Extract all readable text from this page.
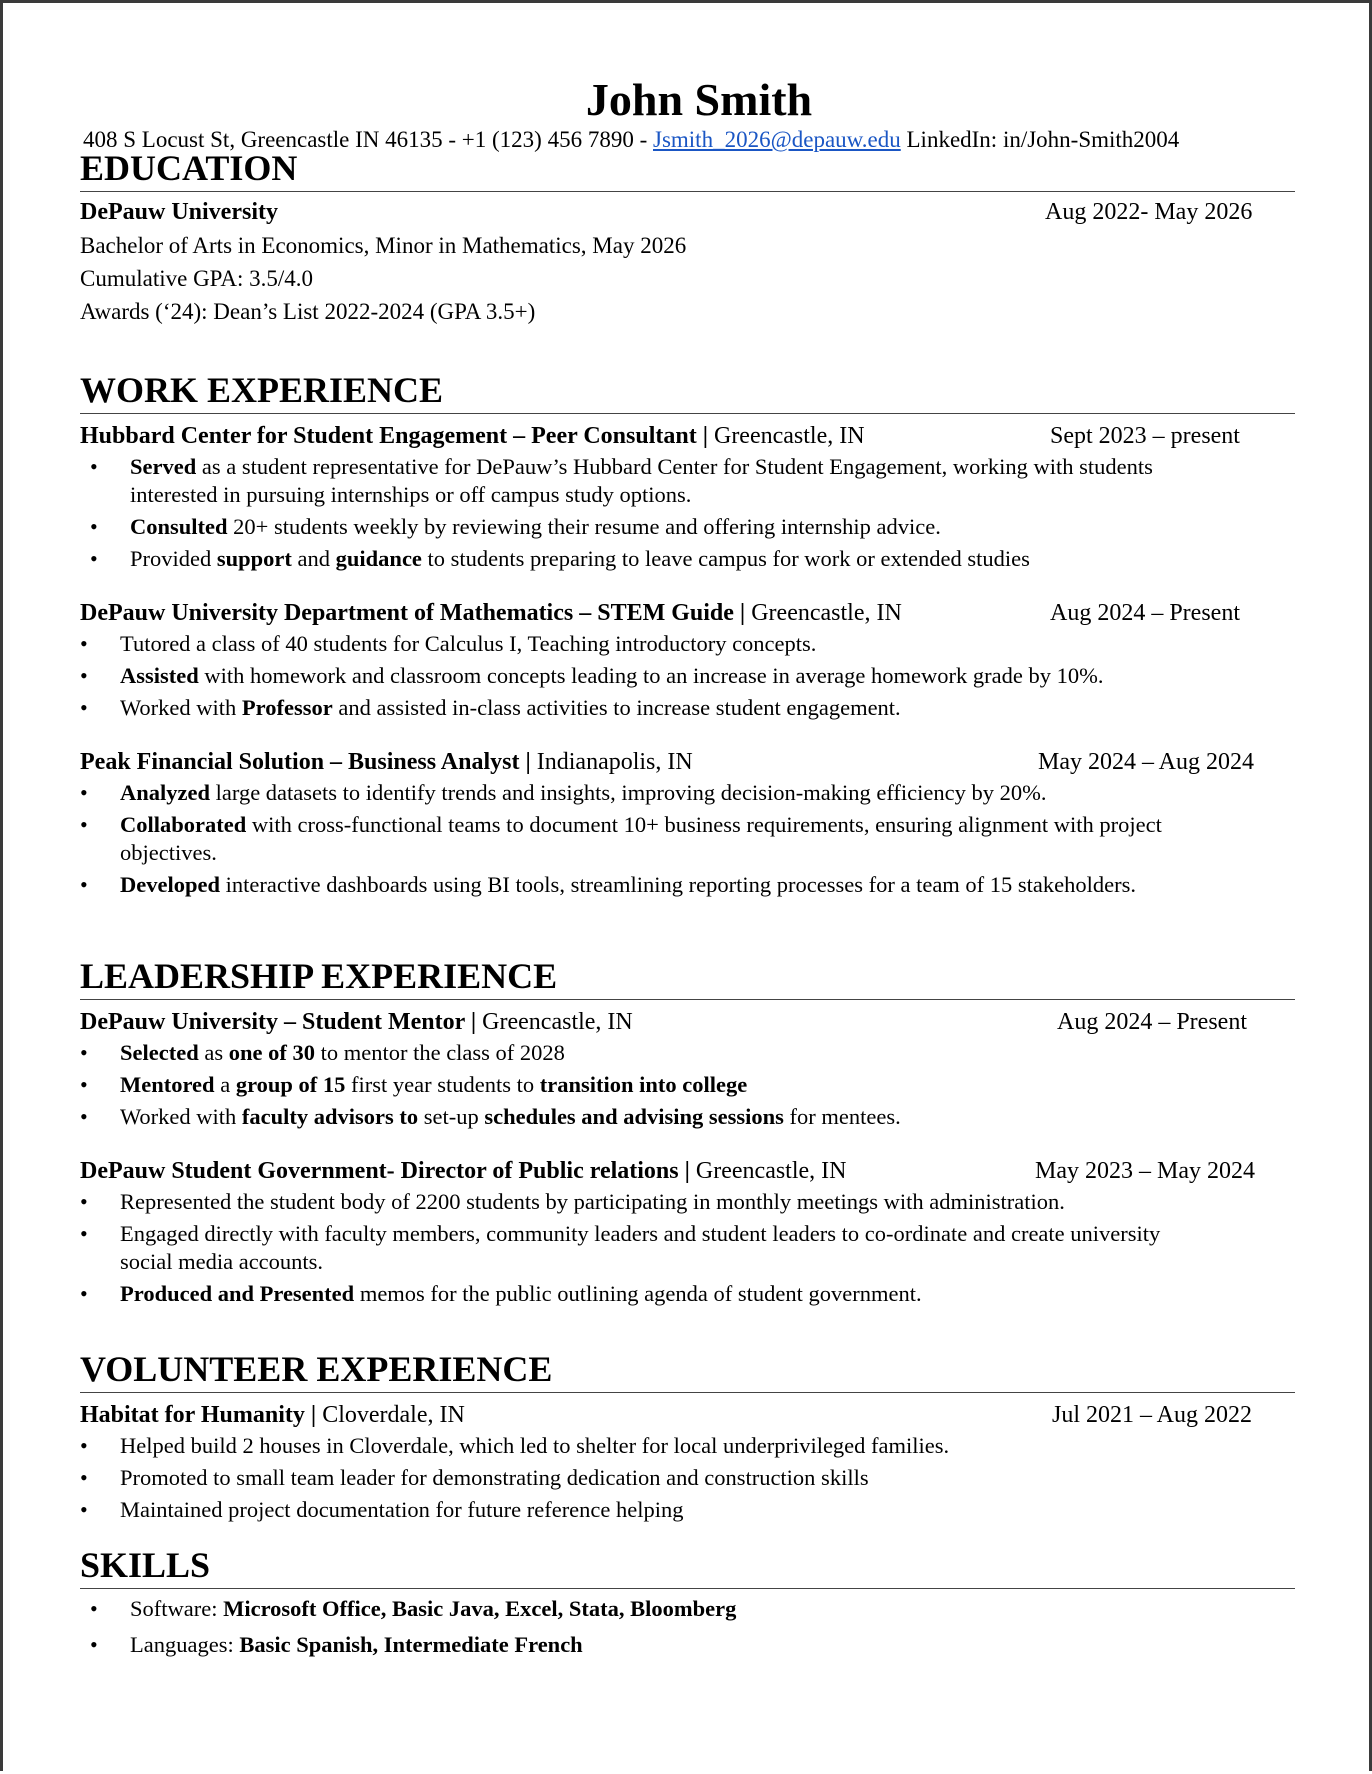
John Smith
408 S Locust St, Greencastle IN 46135 - +1 (123) 456 7890 - Jsmith_2026@depauw.edu LinkedIn: in/John-Smith2004
EDUCATION
DePauw University	Aug 2022- May 2026
Bachelor of Arts in Economics, Minor in Mathematics, May 2026
Cumulative GPA: 3.5/4.0
Awards (‘24): Dean’s List 2022-2024 (GPA 3.5+)
WORK EXPERIENCE
Hubbard Center for Student Engagement – Peer Consultant | Greencastle, IN	Sept 2023 – present
• Served as a student representative for DePauw’s Hubbard Center for Student Engagement, working with students
interested in pursuing internships or off campus study options.
• Consulted 20+ students weekly by reviewing their resume and offering internship advice.
• Provided support and guidance to students preparing to leave campus for work or extended studies
DePauw University Department of Mathematics – STEM Guide | Greencastle, IN	Aug 2024 – Present
• Tutored a class of 40 students for Calculus I, Teaching introductory concepts.
• Assisted with homework and classroom concepts leading to an increase in average homework grade by 10%.
• Worked with Professor and assisted in-class activities to increase student engagement.
Peak Financial Solution – Business Analyst | Indianapolis, IN	May 2024 – Aug 2024
• Analyzed large datasets to identify trends and insights, improving decision-making efficiency by 20%.
• Collaborated with cross-functional teams to document 10+ business requirements, ensuring alignment with project
objectives.
• Developed interactive dashboards using BI tools, streamlining reporting processes for a team of 15 stakeholders.
LEADERSHIP EXPERIENCE
DePauw University – Student Mentor | Greencastle, IN	Aug 2024 – Present
• Selected as one of 30 to mentor the class of 2028
• Mentored a group of 15 first year students to transition into college
• Worked with faculty advisors to set-up schedules and advising sessions for mentees.
DePauw Student Government- Director of Public relations | Greencastle, IN	May 2023 – May 2024
• Represented the student body of 2200 students by participating in monthly meetings with administration.
• Engaged directly with faculty members, community leaders and student leaders to co-ordinate and create university
social media accounts.
• Produced and Presented memos for the public outlining agenda of student government.
VOLUNTEER EXPERIENCE
Habitat for Humanity | Cloverdale, IN	Jul 2021 – Aug 2022
• Helped build 2 houses in Cloverdale, which led to shelter for local underprivileged families.
• Promoted to small team leader for demonstrating dedication and construction skills
• Maintained project documentation for future reference helping
SKILLS
• Software: Microsoft Office, Basic Java, Excel, Stata, Bloomberg
• Languages: Basic Spanish, Intermediate French
